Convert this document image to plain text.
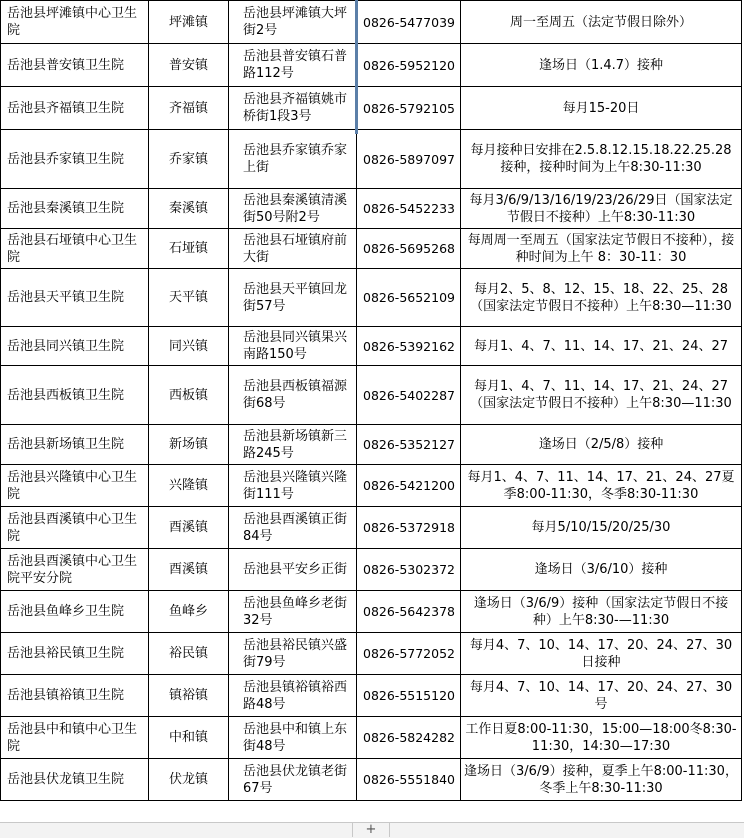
岳池县坪滩镇中心卫生院	坪滩镇	岳池县坪滩镇大坪街2号	0826-5477039	周一至周五（法定节假日除外）
岳池县普安镇卫生院	普安镇	岳池县普安镇石普路112号	0826-5952120	逢场日（1.4.7）接种
岳池县齐福镇卫生院	齐福镇	岳池县齐福镇姚市桥街1段3号	0826-5792105	每月15-20日
岳池县乔家镇卫生院	乔家镇	岳池县乔家镇乔家上街	0826-5897097	每月接种日安排在2.5.8.12.15.18.22.25.28接种，接种时间为上午8:30-11:30
岳池县秦溪镇卫生院	秦溪镇	岳池县秦溪镇清溪街50号附2号	0826-5452233	每月3/6/9/13/16/19/23/26/29日（国家法定节假日不接种）上午8:30-11:30
岳池县石垭镇中心卫生院	石垭镇	岳池县石垭镇府前大街	0826-5695268	每周周一至周五（国家法定节假日不接种），接种时间为上午 8：30-11：30
岳池县天平镇卫生院	天平镇	岳池县天平镇回龙街57号	0826-5652109	每月2、5、8、12、15、18、22、25、28（国家法定节假日不接种）上午8:30—11:30
岳池县同兴镇卫生院	同兴镇	岳池县同兴镇果兴南路150号	0826-5392162	每月1、4、7、11、14、17、21、24、27
岳池县西板镇卫生院	西板镇	岳池县西板镇福源街68号	0826-5402287	每月1、4、7、11、14、17、21、24、27（国家法定节假日不接种）上午8:30—11:30
岳池县新场镇卫生院	新场镇	岳池县新场镇新三路245号	0826-5352127	逢场日（2/5/8）接种
岳池县兴隆镇中心卫生院	兴隆镇	岳池县兴隆镇兴隆街111号	0826-5421200	每月1、4、7、11、14、17、21、24、27夏季8:00-11:30，冬季8:30-11:30
岳池县酉溪镇中心卫生院	酉溪镇	岳池县酉溪镇正街84号	0826-5372918	每月5/10/15/20/25/30
岳池县酉溪镇中心卫生院平安分院	酉溪镇	岳池县平安乡正街	0826-5302372	逢场日（3/6/10）接种
岳池县鱼峰乡卫生院	鱼峰乡	岳池县鱼峰乡老街32号	0826-5642378	逢场日（3/6/9）接种（国家法定节假日不接种）上午8:30-—11:30
岳池县裕民镇卫生院	裕民镇	岳池县裕民镇兴盛街79号	0826-5772052	每月4、7、10、14、17、20、24、27、30日接种
岳池县镇裕镇卫生院	镇裕镇	岳池县镇裕镇裕西路48号	0826-5515120	每月4、7、10、14、17、20、24、27、30号
岳池县中和镇中心卫生院	中和镇	岳池县中和镇上东街48号	0826-5824282	工作日夏8:00-11:30，15:00—18:00冬8:30-11:30，14:30—17:30
岳池县伏龙镇卫生院	伏龙镇	岳池县伏龙镇老街67号	0826-5551840	逢场日（3/6/9）接种，夏季上午8:00-11:30，冬季上午8:30-11:30
+
